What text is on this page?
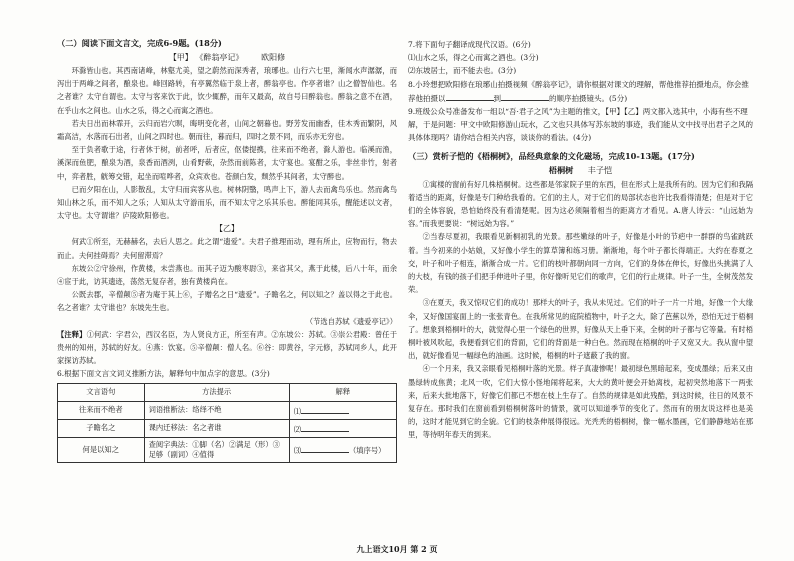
（二）阅读下面文言文，完成6-9题。(18分)

【甲】 《醉翁亭记》 欧阳修

环滁皆山也。其西南诸峰，林壑尤美，望之蔚然而深秀者，琅琊也。山行六七里，渐闻水声潺潺，而泻出于两峰之间者，酿泉也。峰回路转，有亭翼然临于泉上者，醉翁亭也。作亭者谁？山之僧智仙也。名之者谁？太守自谓也。太守与客来饮于此，饮少辄醉，而年又最高，故自号曰醉翁也。醉翁之意不在酒，在乎山水之间也。山水之乐，得之心而寓之酒也。

若夫日出而林霏开，云归而岩穴暝，晦明变化者，山间之朝暮也。野芳发而幽香，佳木秀而繁阴，风霜高洁，水落而石出者，山间之四时也。朝而往，暮而归，四时之景不同，而乐亦无穷也。

至于负者歌于途，行者休于树，前者呼，后者应，伛偻提携，往来而不绝者，滁人游也。临溪而渔，溪深而鱼肥，酿泉为酒，泉香而酒洌，山肴野蔌，杂然而前陈者，太守宴也。宴酣之乐，非丝非竹，射者中，弈者胜，觥筹交错，起坐而喧哗者，众宾欢也。苍颜白发，颓然乎其间者，太守醉也。

已而夕阳在山，人影散乱，太守归而宾客从也。树林阴翳，鸣声上下，游人去而禽鸟乐也。然而禽鸟知山林之乐，而不知人之乐；人知从太守游而乐，而不知太守之乐其乐也。醉能同其乐，醒能述以文者，太守也。太守谓谁？庐陵欧阳修也。

【乙】

何武①所至，无赫赫名，去后人思之。此之谓“遗爱”。夫君子推理而动，理有所止，应物而行，物去而止。夫何挂碍焉？夫何留滞焉？

东坡公②守徐州，作黄楼，未尝燕也。而其子迈为酸枣尉③，来省其父，燕于此楼，后八十年，而余④宦于此，访其遗迹，荡然无复存者，独有黄楼尚在。

公既去郡，辛僧颠⑤者为庵于其上⑥，子赠名之日“遗爱”。子瞻名之，何以知之？盖以得之于此也。名之者谁？太守谁也？东坡先生也。

（节选自苏轼《遗爱亭记》）

【注释】①何武：字君公，西汉名臣，为人贤良方正，所至有声。②东坡公：苏轼。③崇公君殿：曾任于贵州的知州，苏轼的好友。④燕：饮宴。⑤辛僧颠：僧人名。⑥谷：即黄谷，字元修，苏轼同乡人，此开家探访苏轼。

6.根据下面文言文词义推断方法，解释句中加点字的意思。(3分)

文言语句	方法提示	解释
往来而不绝者	词语推断法：络绎不绝	⑴
子瞻名之	课内迁移法：名之者谁	⑵
何是以知之	查阅字典法：①脚（名）②满足（形）③足够（副词）④值得	⑶ （填序号）

7.将下面句子翻译成现代汉语。(6分)

⑴山水之乐，得之心而寓之酒也。(3分)

⑵东坡居士，而不能去也。(3分)

8.小玲想把欧阳修在琅琊山拍摄视频《醉翁亭记》，请你根据对课文的理解，帮他推荐拍摄地点，你会推荐他拍摄以	到	的顺序拍摄镜头。(5分)

9.班级公众号准备发布一组以“吾·君子之风”为主题的推文，【甲】【乙】两文都入选其中，小海有些不理解，于是问题：甲文中欧阳修游山玩水，乙文也只具体写苏东坡的事迹，我们能从文中找寻出君子之风的具体体现吗？请你结合相关内容，谈谈你的看法。(4分)

（三）赏析子恺的《梧桐树》，品经典意象的文化磁场，完成10-13题。(17分)

梧桐树 丰子恺

①寓楼的窗前有好几株梧桐树。这些都是邻家院子里的东西，但在形式上是我所有的。因为它们和我隔着适当的距离，好像是专门种给我看的。它们的主人，对于它们的局部状态也许比我看得清楚；但是对于它们的全体容貌，恐怕始终没有看清楚呢。因为这必须隔着相当的距离方才看见。A.唐人诗云：“山远始为容。”而我更要说：“树远始为容。”

②当春尽夏初，我眼看见新桐初乳的光景。那些嫩绿的叶子，好像是小叶的节疤中一群群的鸟雀跳跃着。当今初来的小姑娘，又好像小学生的算草簿和练习册。渐渐地，每个叶子都长得端正。大约在春夏之交，叶子和叶子相连，渐渐合成一片。它们的枝叶都朝向同一方向，它们的身体在伸长，好像出头挑满了人的大枝，有钱的孩子们把手伸进叶子里，你好像听见它们的歌声，它们的行止规律。叶子一生，全树茂然发荣。

③在夏天，我又惊叹它们的成功！那样大的叶子，我从未见过。它们的叶子一片一片地，好像一个大缘伞，又好像国宴面上的一张张青色。在我所常见的庭院植物中，叶子之大，除了芭蕉以外，恐怕无过于梧桐了。想象到梧桐叶的大，就觉得心里一个绿色的世界，好像从天上垂下来，全树的叶子都与它等量。有时梧桐叶被风吹起，我便看到它们的背面，它们的背面是一种白色。然而现在梧桐的叶子又宽又大。我从窗中望出，就好像看见一幅绿色的油画。这时候，梧桐的叶子遮蔽了我的窗。

④一个月来，我又亲眼看见梧桐叶落的光景。样子真凄惨呢！最初绿色黑暗起来，变成墨绿；后来又由墨绿转成焦黄；北风一吹，它们大惊小怪地闹将起来，大大的黄叶便会开始离枝，起初突然地落下一两张来，后来大批地落下，好像它们都已不想在枝上生存了。自然的规律是如此残酷，到这时候，往日的风景不复存在。那时我们在窗前看到梧桐树落叶的情景，就可以知道季节的变化了。然而有的朋友说这样也是美的，这时才能见到它的全貌。它们的枝条伸展得很远。光秃秃的梧桐树，像一幅水墨画，它们静静地站在那里，等待明年春天的到来。

九上语文10月 第 2 页
